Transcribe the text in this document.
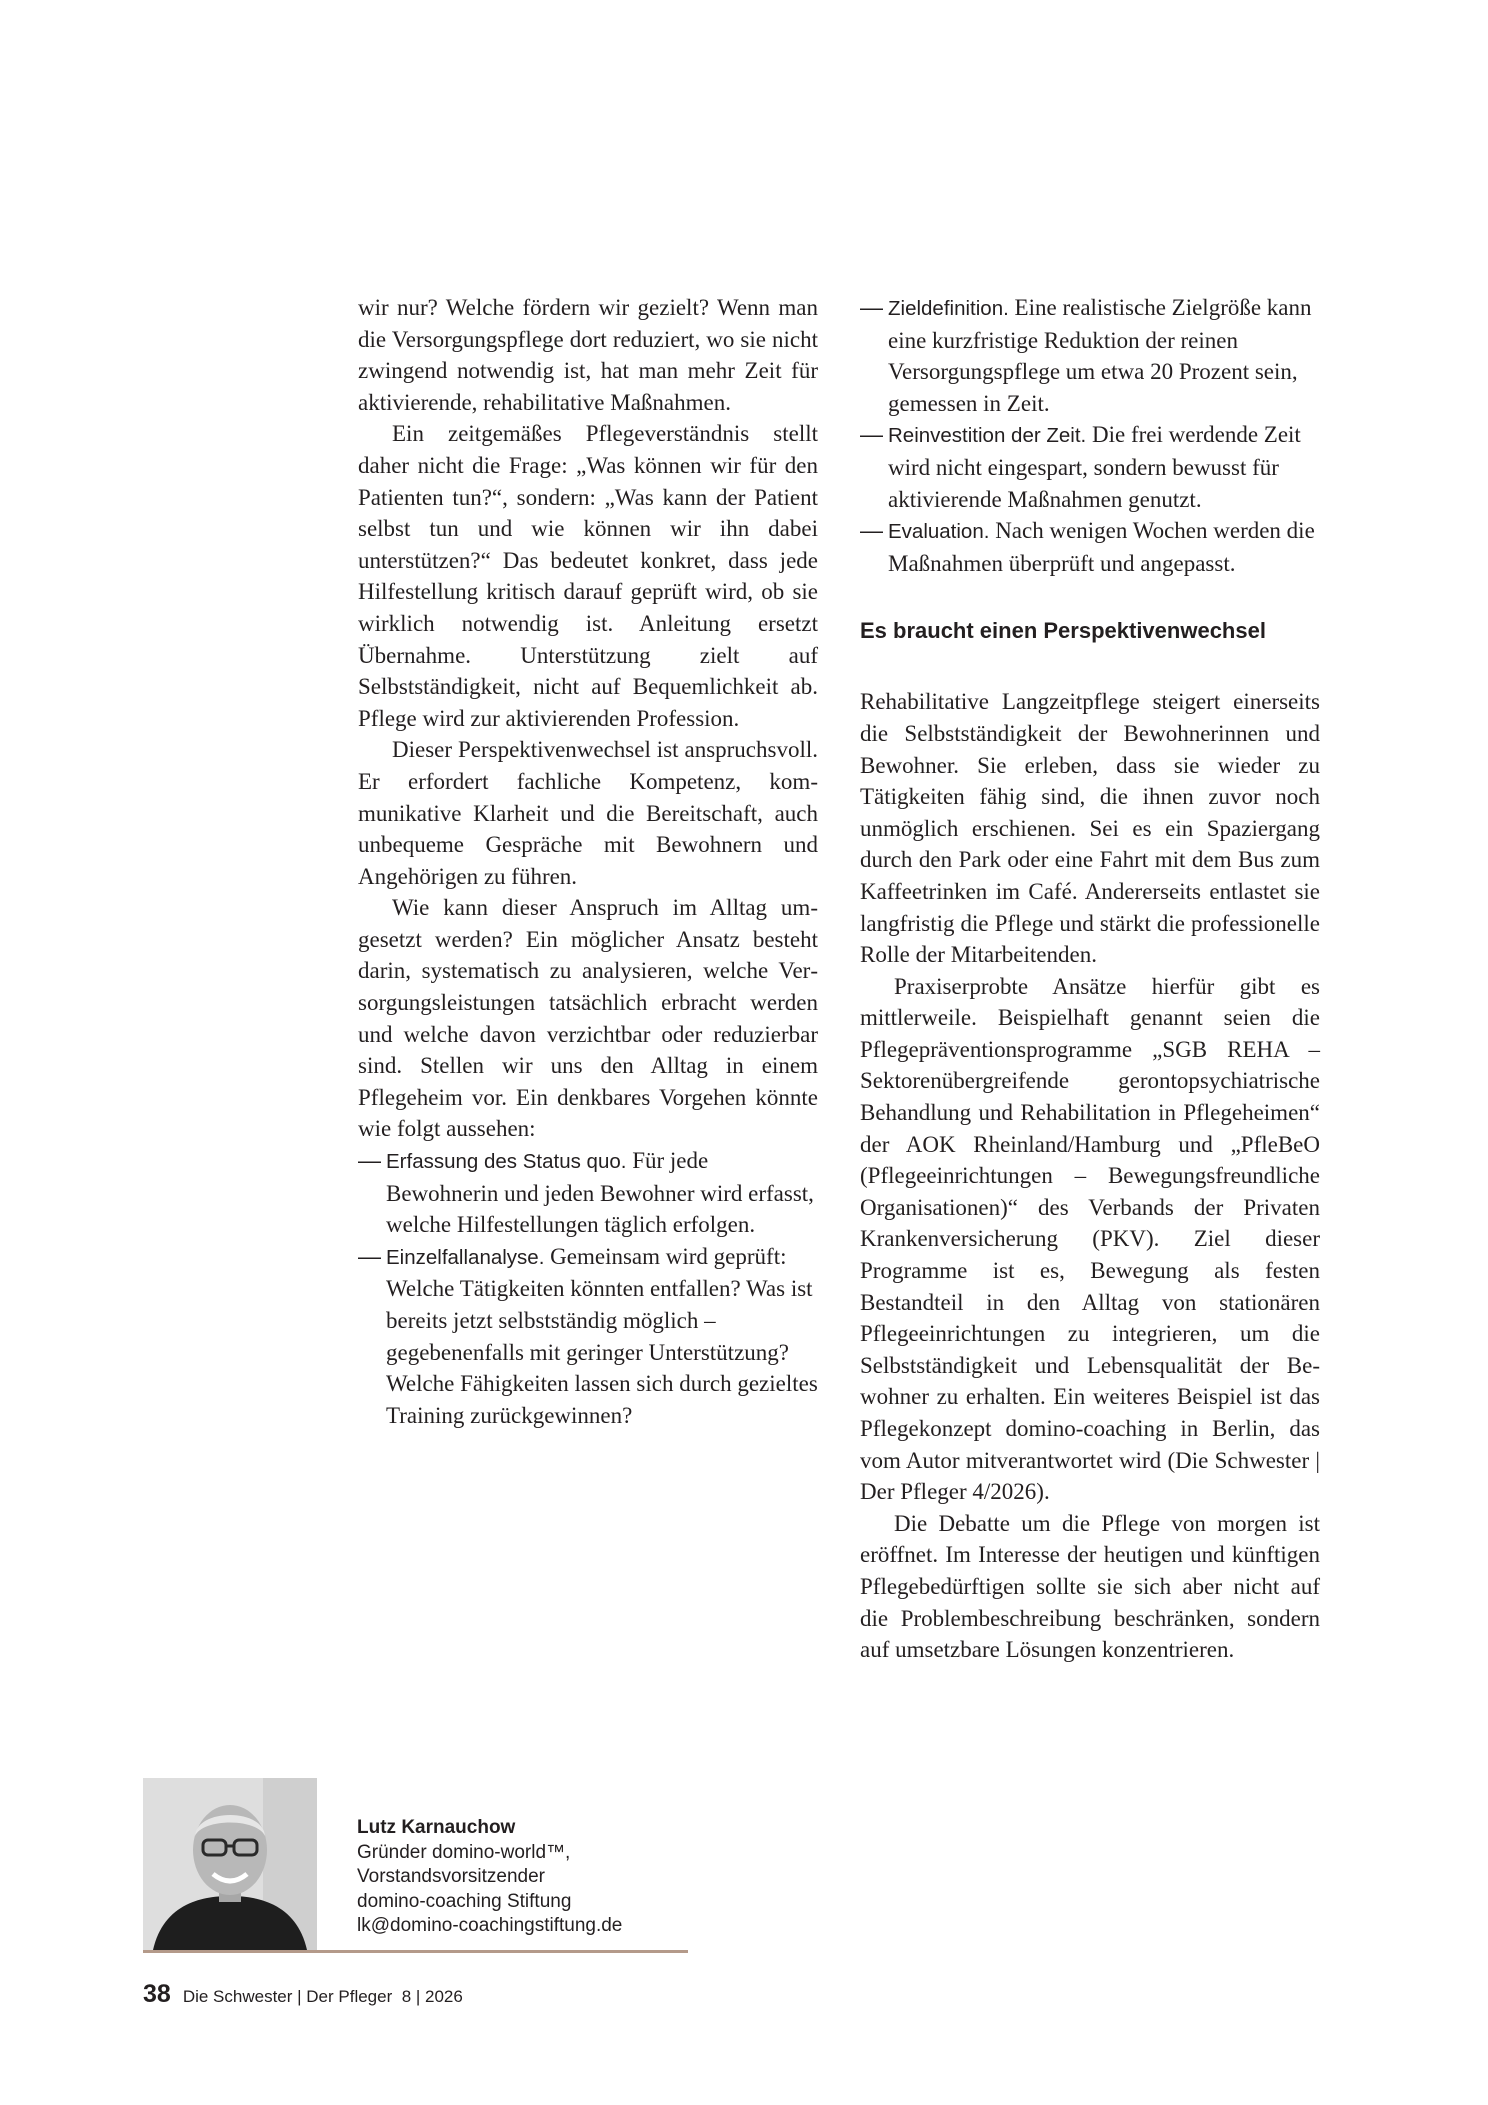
wir nur? Welche fördern wir gezielt? Wenn man die Versorgungspflege dort reduziert, wo sie nicht zwingend notwendig ist, hat man mehr Zeit für aktivierende, rehabilitative Maßnahmen.

Ein zeitgemäßes Pflegeverständnis stellt daher nicht die Frage: „Was können wir für den Patienten tun?“, sondern: „Was kann der Patient selbst tun und wie können wir ihn dabei unterstützen?“ Das bedeutet konkret, dass jede Hilfestellung kritisch darauf geprüft wird, ob sie wirklich notwendig ist. Anleitung ersetzt Übernahme. Unterstützung zielt auf Selbstständigkeit, nicht auf Bequemlichkeit ab. Pflege wird zur aktivierenden Profession.

Dieser Perspektivenwechsel ist anspruchsvoll. Er erfordert fachliche Kompetenz, kommunikative Klarheit und die Bereitschaft, auch unbequeme Gespräche mit Bewohnern und Angehörigen zu führen.

Wie kann dieser Anspruch im Alltag umgesetzt werden? Ein möglicher Ansatz besteht darin, systematisch zu analysieren, welche Versorgungsleistungen tatsächlich erbracht werden und welche davon verzichtbar oder reduzierbar sind. Stellen wir uns den Alltag in einem Pflegeheim vor. Ein denkbares Vorgehen könnte wie folgt aussehen:

— Erfassung des Status quo. Für jede Bewohnerin und jeden Bewohner wird erfasst, welche Hilfestellungen täglich erfolgen.
— Einzelfallanalyse. Gemeinsam wird geprüft: Welche Tätigkeiten könnten entfallen? Was ist bereits jetzt selbstständig möglich – gegebenenfalls mit geringer Unterstützung? Welche Fähigkeiten lassen sich durch gezieltes Training zurückgewinnen?
— Zieldefinition. Eine realistische Zielgröße kann eine kurzfristige Reduktion der reinen Versorgungspflege um etwa 20 Prozent sein, gemessen in Zeit.
— Reinvestition der Zeit. Die frei werdende Zeit wird nicht eingespart, sondern bewusst für aktivierende Maßnahmen genutzt.
— Evaluation. Nach wenigen Wochen werden die Maßnahmen überprüft und angepasst.
Es braucht einen Perspektivenwechsel

Rehabilitative Langzeitpflege steigert einerseits die Selbstständigkeit der Bewohnerinnen und Bewohner. Sie erleben, dass sie wieder zu Tätigkeiten fähig sind, die ihnen zuvor noch unmöglich erschienen. Sei es ein Spaziergang durch den Park oder eine Fahrt mit dem Bus zum Kaffeetrinken im Café. Andererseits entlastet sie langfristig die Pflege und stärkt die professionelle Rolle der Mitarbeitenden.

Praxiserprobte Ansätze hierfür gibt es mittlerweile. Beispielhaft genannt seien die Pflegepräventionsprogramme „SGB REHA – Sektorenübergreifende gerontopsychiatrische Behandlung und Rehabilitation in Pflegeheimen“ der AOK Rheinland/Hamburg und „PfleBeO (Pflegeeinrichtungen – Bewegungsfreundliche Organisationen)“ des Verbands der Privaten Krankenversicherung (PKV). Ziel dieser Programme ist es, Bewegung als festen Bestandteil in den Alltag von stationären Pflegeeinrichtungen zu integrieren, um die Selbstständigkeit und Lebensqualität der Bewohner zu erhalten. Ein weiteres Beispiel ist das Pflegekonzept domino-coaching in Berlin, das vom Autor mitverantwortet wird (Die Schwester | Der Pfleger 4/2026).

Die Debatte um die Pflege von morgen ist eröffnet. Im Interesse der heutigen und künftigen Pflegebedürftigen sollte sie sich aber nicht auf die Problembeschreibung beschränken, sondern auf umsetzbare Lösungen konzentrieren.

Lutz Karnauchow
Gründer domino-world™,
Vorstandsvorsitzender
domino-coaching Stiftung
lk@domino-coachingstiftung.de
38 Die Schwester | Der Pfleger  8 | 2026
